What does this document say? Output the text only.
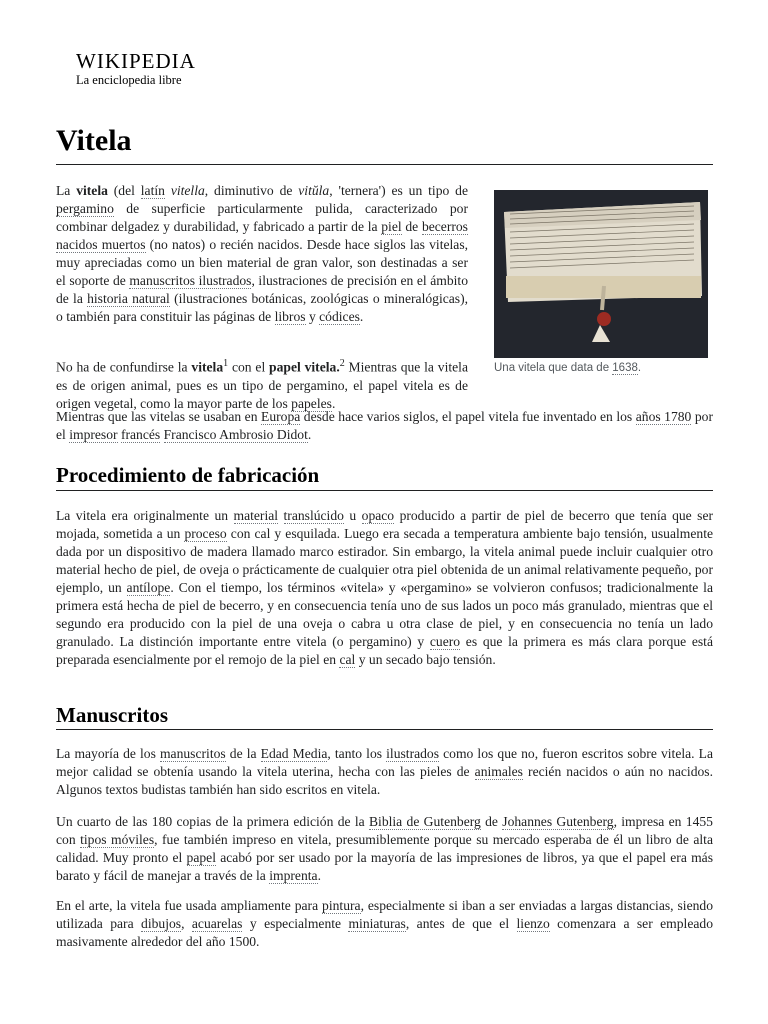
WIKIPEDIA
La enciclopedia libre
Vitela
Una vitela que data de 1638.

La vitela (del latín vitella, diminutivo de vitŭla, 'ternera') es un tipo de pergamino de superficie particularmente pulida, caracterizado por combinar delgadez y durabilidad, y fabricado a partir de la piel de becerros nacidos muertos (no natos) o recién nacidos. Desde hace siglos las vitelas, muy apreciadas como un bien material de gran valor, son destinadas a ser el soporte de manuscritos ilustrados, ilustraciones de precisión en el ámbito de la historia natural (ilustraciones botánicas, zoológicas o mineralógicas), o también para constituir las páginas de libros y códices.

No ha de confundirse la vitela$^1$ con el papel vitela.$^2$ Mientras que la vitela es de origen animal, pues es un tipo de pergamino, el papel vitela es de origen vegetal, como la mayor parte de los papeles.

Mientras que las vitelas se usaban en Europa desde hace varios siglos, el papel vitela fue inventado en los años 1780 por el impresor francés Francisco Ambrosio Didot.

Procedimiento de fabricación

La vitela era originalmente un material translúcido u opaco producido a partir de piel de becerro que tenía que ser mojada, sometida a un proceso con cal y esquilada. Luego era secada a temperatura ambiente bajo tensión, usualmente dada por un dispositivo de madera llamado marco estirador. Sin embargo, la vitela animal puede incluir cualquier otro material hecho de piel, de oveja o prácticamente de cualquier otra piel obtenida de un animal relativamente pequeño, por ejemplo, un antílope. Con el tiempo, los términos «vitela» y «pergamino» se volvieron confusos; tradicionalmente la primera está hecha de piel de becerro, y en consecuencia tenía uno de sus lados un poco más granulado, mientras que el segundo era producido con la piel de una oveja o cabra u otra clase de piel, y en consecuencia no tenía un lado granulado. La distinción importante entre vitela (o pergamino) y cuero es que la primera es más clara porque está preparada esencialmente por el remojo de la piel en cal y un secado bajo tensión.

Manuscritos

La mayoría de los manuscritos de la Edad Media, tanto los ilustrados como los que no, fueron escritos sobre vitela. La mejor calidad se obtenía usando la vitela uterina, hecha con las pieles de animales recién nacidos o aún no nacidos. Algunos textos budistas también han sido escritos en vitela.

Un cuarto de las 180 copias de la primera edición de la Biblia de Gutenberg de Johannes Gutenberg, impresa en 1455 con tipos móviles, fue también impreso en vitela, presumiblemente porque su mercado esperaba de él un libro de alta calidad. Muy pronto el papel acabó por ser usado por la mayoría de las impresiones de libros, ya que el papel era más barato y fácil de manejar a través de la imprenta.

En el arte, la vitela fue usada ampliamente para pintura, especialmente si iban a ser enviadas a largas distancias, siendo utilizada para dibujos, acuarelas y especialmente miniaturas, antes de que el lienzo comenzara a ser empleado masivamente alrededor del año 1500.
